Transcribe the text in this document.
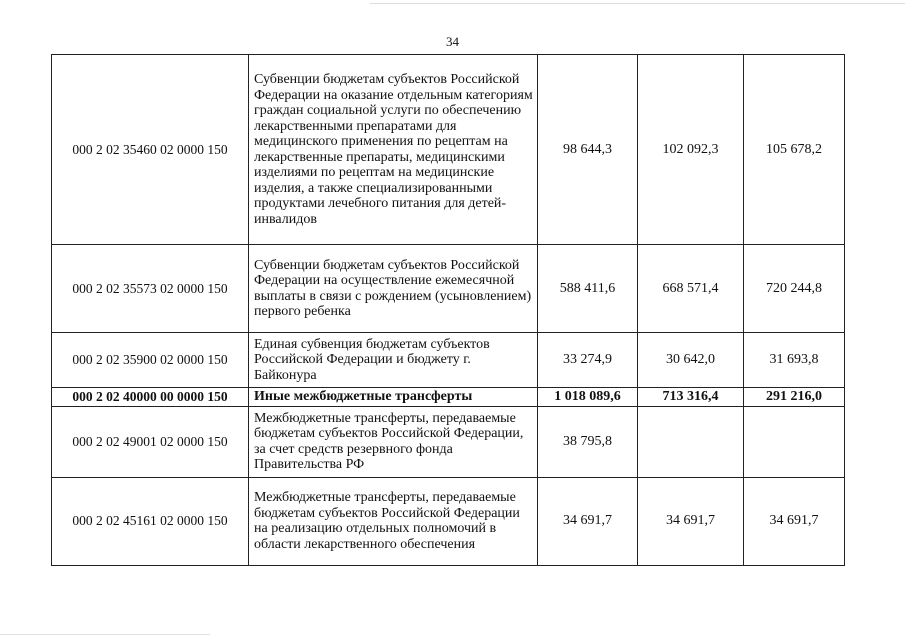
34
000 2 02 35460 02 0000 150	Субвенции бюджетам субъектов Российской Федерации на оказание отдельным категориям граждан социальной услуги по обеспечению лекарственными препаратами для медицинского применения по рецептам на лекарственные препараты, медицинскими изделиями по рецептам на медицинские изделия, а также специализированными продуктами лечебного питания для детей-инвалидов	98 644,3	102 092,3	105 678,2
000 2 02 35573 02 0000 150	Субвенции бюджетам субъектов Российской Федерации на осуществление ежемесячной выплаты в связи с рождением (усыновлением) первого ребенка	588 411,6	668 571,4	720 244,8
000 2 02 35900 02 0000 150	Единая субвенция бюджетам субъектов Российской Федерации и бюджету г. Байконура	33 274,9	30 642,0	31 693,8
000 2 02 40000 00 0000 150	Иные межбюджетные трансферты	1 018 089,6	713 316,4	291 216,0
000 2 02 49001 02 0000 150	Межбюджетные трансферты, передаваемые бюджетам субъектов Российской Федерации, за счет средств резервного фонда Правительства РФ	38 795,8		
000 2 02 45161 02 0000 150	Межбюджетные трансферты, передаваемые бюджетам субъектов Российской Федерации на реализацию отдельных полномочий в области лекарственного обеспечения	34 691,7	34 691,7	34 691,7
